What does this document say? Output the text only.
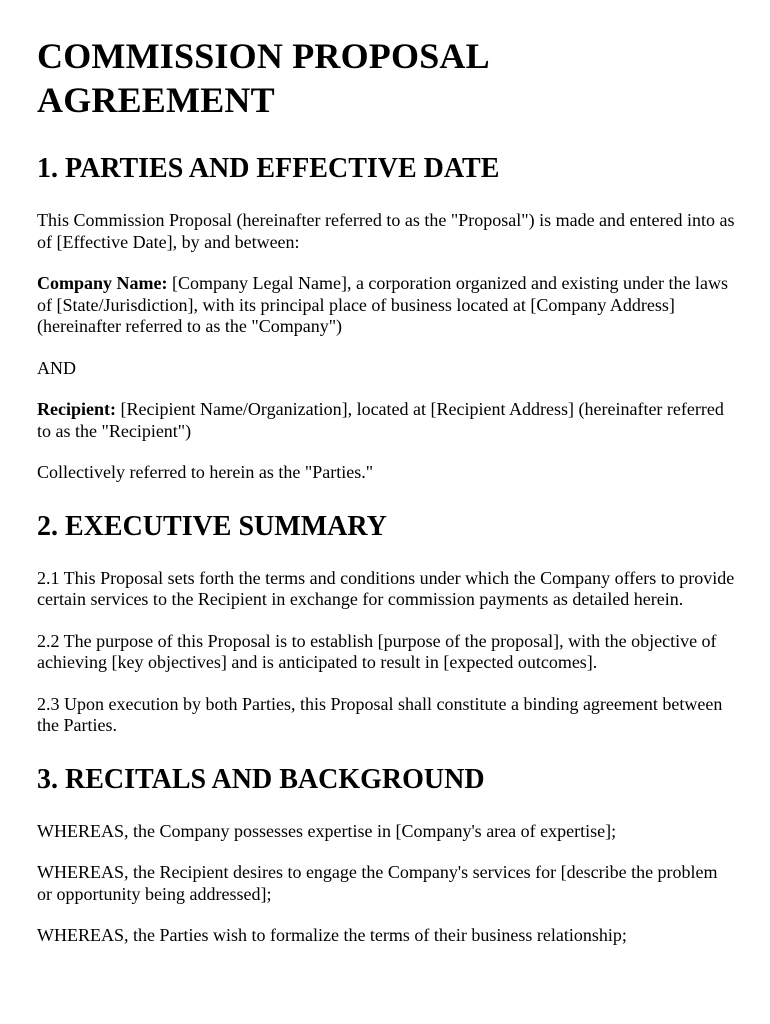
COMMISSION PROPOSAL
AGREEMENT
1. PARTIES AND EFFECTIVE DATE

This Commission Proposal (hereinafter referred to as the "Proposal") is made and entered into as of [Effective Date], by and between:

Company Name: [Company Legal Name], a corporation organized and existing under the laws of [State/Jurisdiction], with its principal place of business located at [Company Address] (hereinafter referred to as the "Company")

AND

Recipient: [Recipient Name/Organization], located at [Recipient Address] (hereinafter referred to as the "Recipient")

Collectively referred to herein as the "Parties."

2. EXECUTIVE SUMMARY

2.1 This Proposal sets forth the terms and conditions under which the Company offers to provide certain services to the Recipient in exchange for commission payments as detailed herein.

2.2 The purpose of this Proposal is to establish [purpose of the proposal], with the objective of achieving [key objectives] and is anticipated to result in [expected outcomes].

2.3 Upon execution by both Parties, this Proposal shall constitute a binding agreement between the Parties.

3. RECITALS AND BACKGROUND

WHEREAS, the Company possesses expertise in [Company's area of expertise];

WHEREAS, the Recipient desires to engage the Company's services for [describe the problem or opportunity being addressed];

WHEREAS, the Parties wish to formalize the terms of their business relationship;
